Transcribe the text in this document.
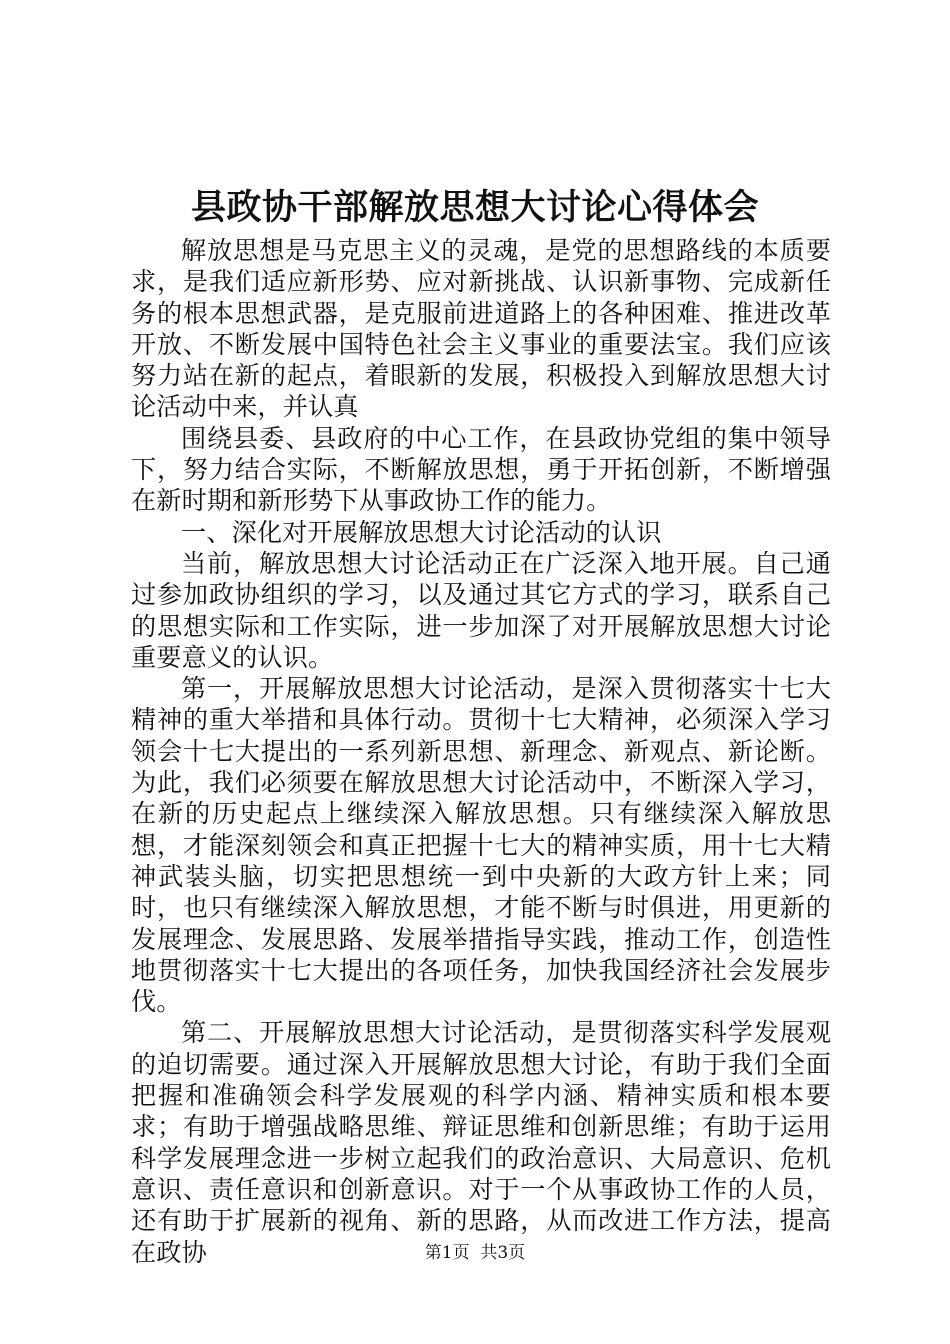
县政协干部解放思想大讨论心得体会

解放思想是马克思主义的灵魂，是党的思想路线的本质要求，是我们适应新形势、应对新挑战、认识新事物、完成新任务的根本思想武器，是克服前进道路上的各种困难、推进改革开放、不断发展中国特色社会主义事业的重要法宝。我们应该努力站在新的起点，着眼新的发展，积极投入到解放思想大讨论活动中来，并认真

围绕县委、县政府的中心工作，在县政协党组的集中领导下，努力结合实际，不断解放思想，勇于开拓创新，不断增强在新时期和新形势下从事政协工作的能力。

一、深化对开展解放思想大讨论活动的认识

当前，解放思想大讨论活动正在广泛深入地开展。自己通过参加政协组织的学习，以及通过其它方式的学习，联系自己的思想实际和工作实际，进一步加深了对开展解放思想大讨论重要意义的认识。

第一，开展解放思想大讨论活动，是深入贯彻落实十七大精神的重大举措和具体行动。贯彻十七大精神，必须深入学习领会十七大提出的一系列新思想、新理念、新观点、新论断。为此，我们必须要在解放思想大讨论活动中，不断深入学习，在新的历史起点上继续深入解放思想。只有继续深入解放思想，才能深刻领会和真正把握十七大的精神实质，用十七大精神武装头脑，切实把思想统一到中央新的大政方针上来；同时，也只有继续深入解放思想，才能不断与时俱进，用更新的发展理念、发展思路、发展举措指导实践，推动工作，创造性地贯彻落实十七大提出的各项任务，加快我国经济社会发展步伐。

第二、开展解放思想大讨论活动，是贯彻落实科学发展观的迫切需要。通过深入开展解放思想大讨论，有助于我们全面把握和准确领会科学发展观的科学内涵、精神实质和根本要求；有助于增强战略思维、辩证思维和创新思维；有助于运用科学发展理念进一步树立起我们的政治意识、大局意识、危机意识、责任意识和创新意识。对于一个从事政协工作的人员，还有助于扩展新的视角、新的思路，从而改进工作方法，提高在政协	第1页 共3页
